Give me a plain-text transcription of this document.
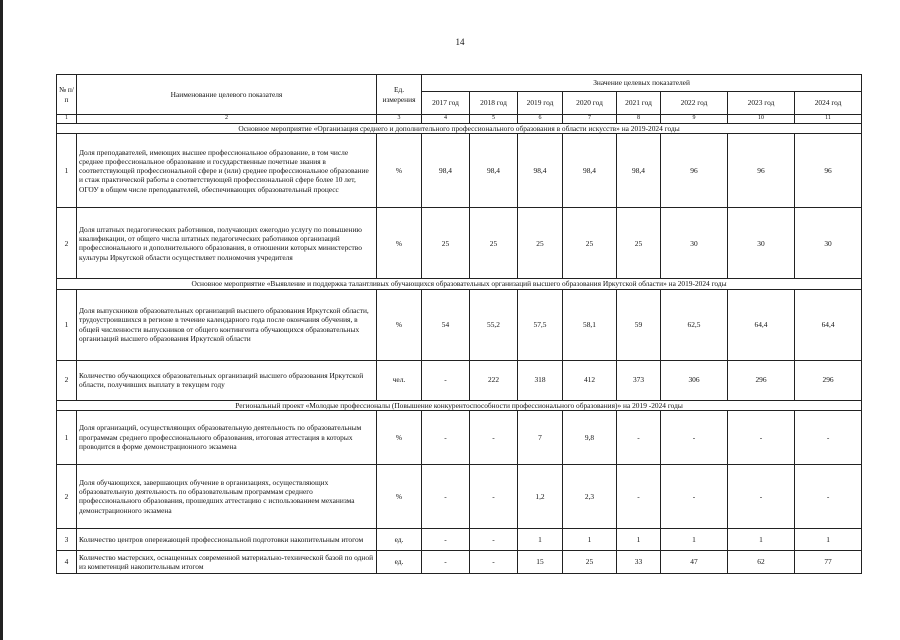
14
№ п/п	Наименование целевого показателя	Ед. измерения	Значение целевых показателей							
			2017 год	2018 год	2019 год	2020 год	2021 год	2022 год	2023 год	2024 год
1	2	3	4	5	6	7	8	9	10	11
Основное мероприятие «Организация среднего и дополнительного профессионального образования в области искусств» на 2019-2024 годы										
1	Доля преподавателей, имеющих высшее профессиональное образование, в том числе среднее профессиональное образование и государственные почетные звания в соответствующей профессиональной сфере и (или) среднее профессиональное образование и стаж практической работы в соответствующей профессиональной сфере более 10 лет, ОГОУ в общем числе преподавателей, обеспечивающих образовательный процесс	%	98,4	98,4	98,4	98,4	98,4	96	96	96
2	Доля штатных педагогических работников, получающих ежегодно услугу по повышению квалификации, от общего числа штатных педагогических работников организаций профессионального и дополнительного образования, в отношении которых министерство культуры Иркутской области осуществляет полномочия учредителя	%	25	25	25	25	25	30	30	30
Основное мероприятие «Выявление и поддержка талантливых обучающихся образовательных организаций высшего образования Иркутской области» на 2019-2024 годы										
1	Доля выпускников образовательных организаций высшего образования Иркутской области, трудоустроившихся в регионе в течение календарного года после окончания обучения, в общей численности выпускников от общего контингента обучающихся образовательных организаций высшего образования Иркутской области	%	54	55,2	57,5	58,1	59	62,5	64,4	64,4
2	Количество обучающихся образовательных организаций высшего образования Иркутской области, получивших выплату в текущем году	чел.	-	222	318	412	373	306	296	296
Региональный проект «Молодые профессионалы (Повышение конкурентоспособности профессионального образования)» на 2019 -2024 годы										
1	Доля организаций, осуществляющих образовательную деятельность по образовательным программам среднего профессионального образования, итоговая аттестация в которых проводится в форме демонстрационного экзамена	%	-	-	7	9,8	-	-	-	-
2	Доля обучающихся, завершающих обучение в организациях, осуществляющих образовательную деятельность по образовательным программам среднего профессионального образования, прошедших аттестацию с использованием механизма демонстрационного экзамена	%	-	-	1,2	2,3	-	-	-	-
3	Количество центров опережающей профессиональной подготовки накопительным итогом	ед.	-	-	1	1	1	1	1	1
4	Количество мастерских, оснащенных современной материально-технической базой по одной из компетенций накопительным итогом	ед.	-	-	15	25	33	47	62	77
